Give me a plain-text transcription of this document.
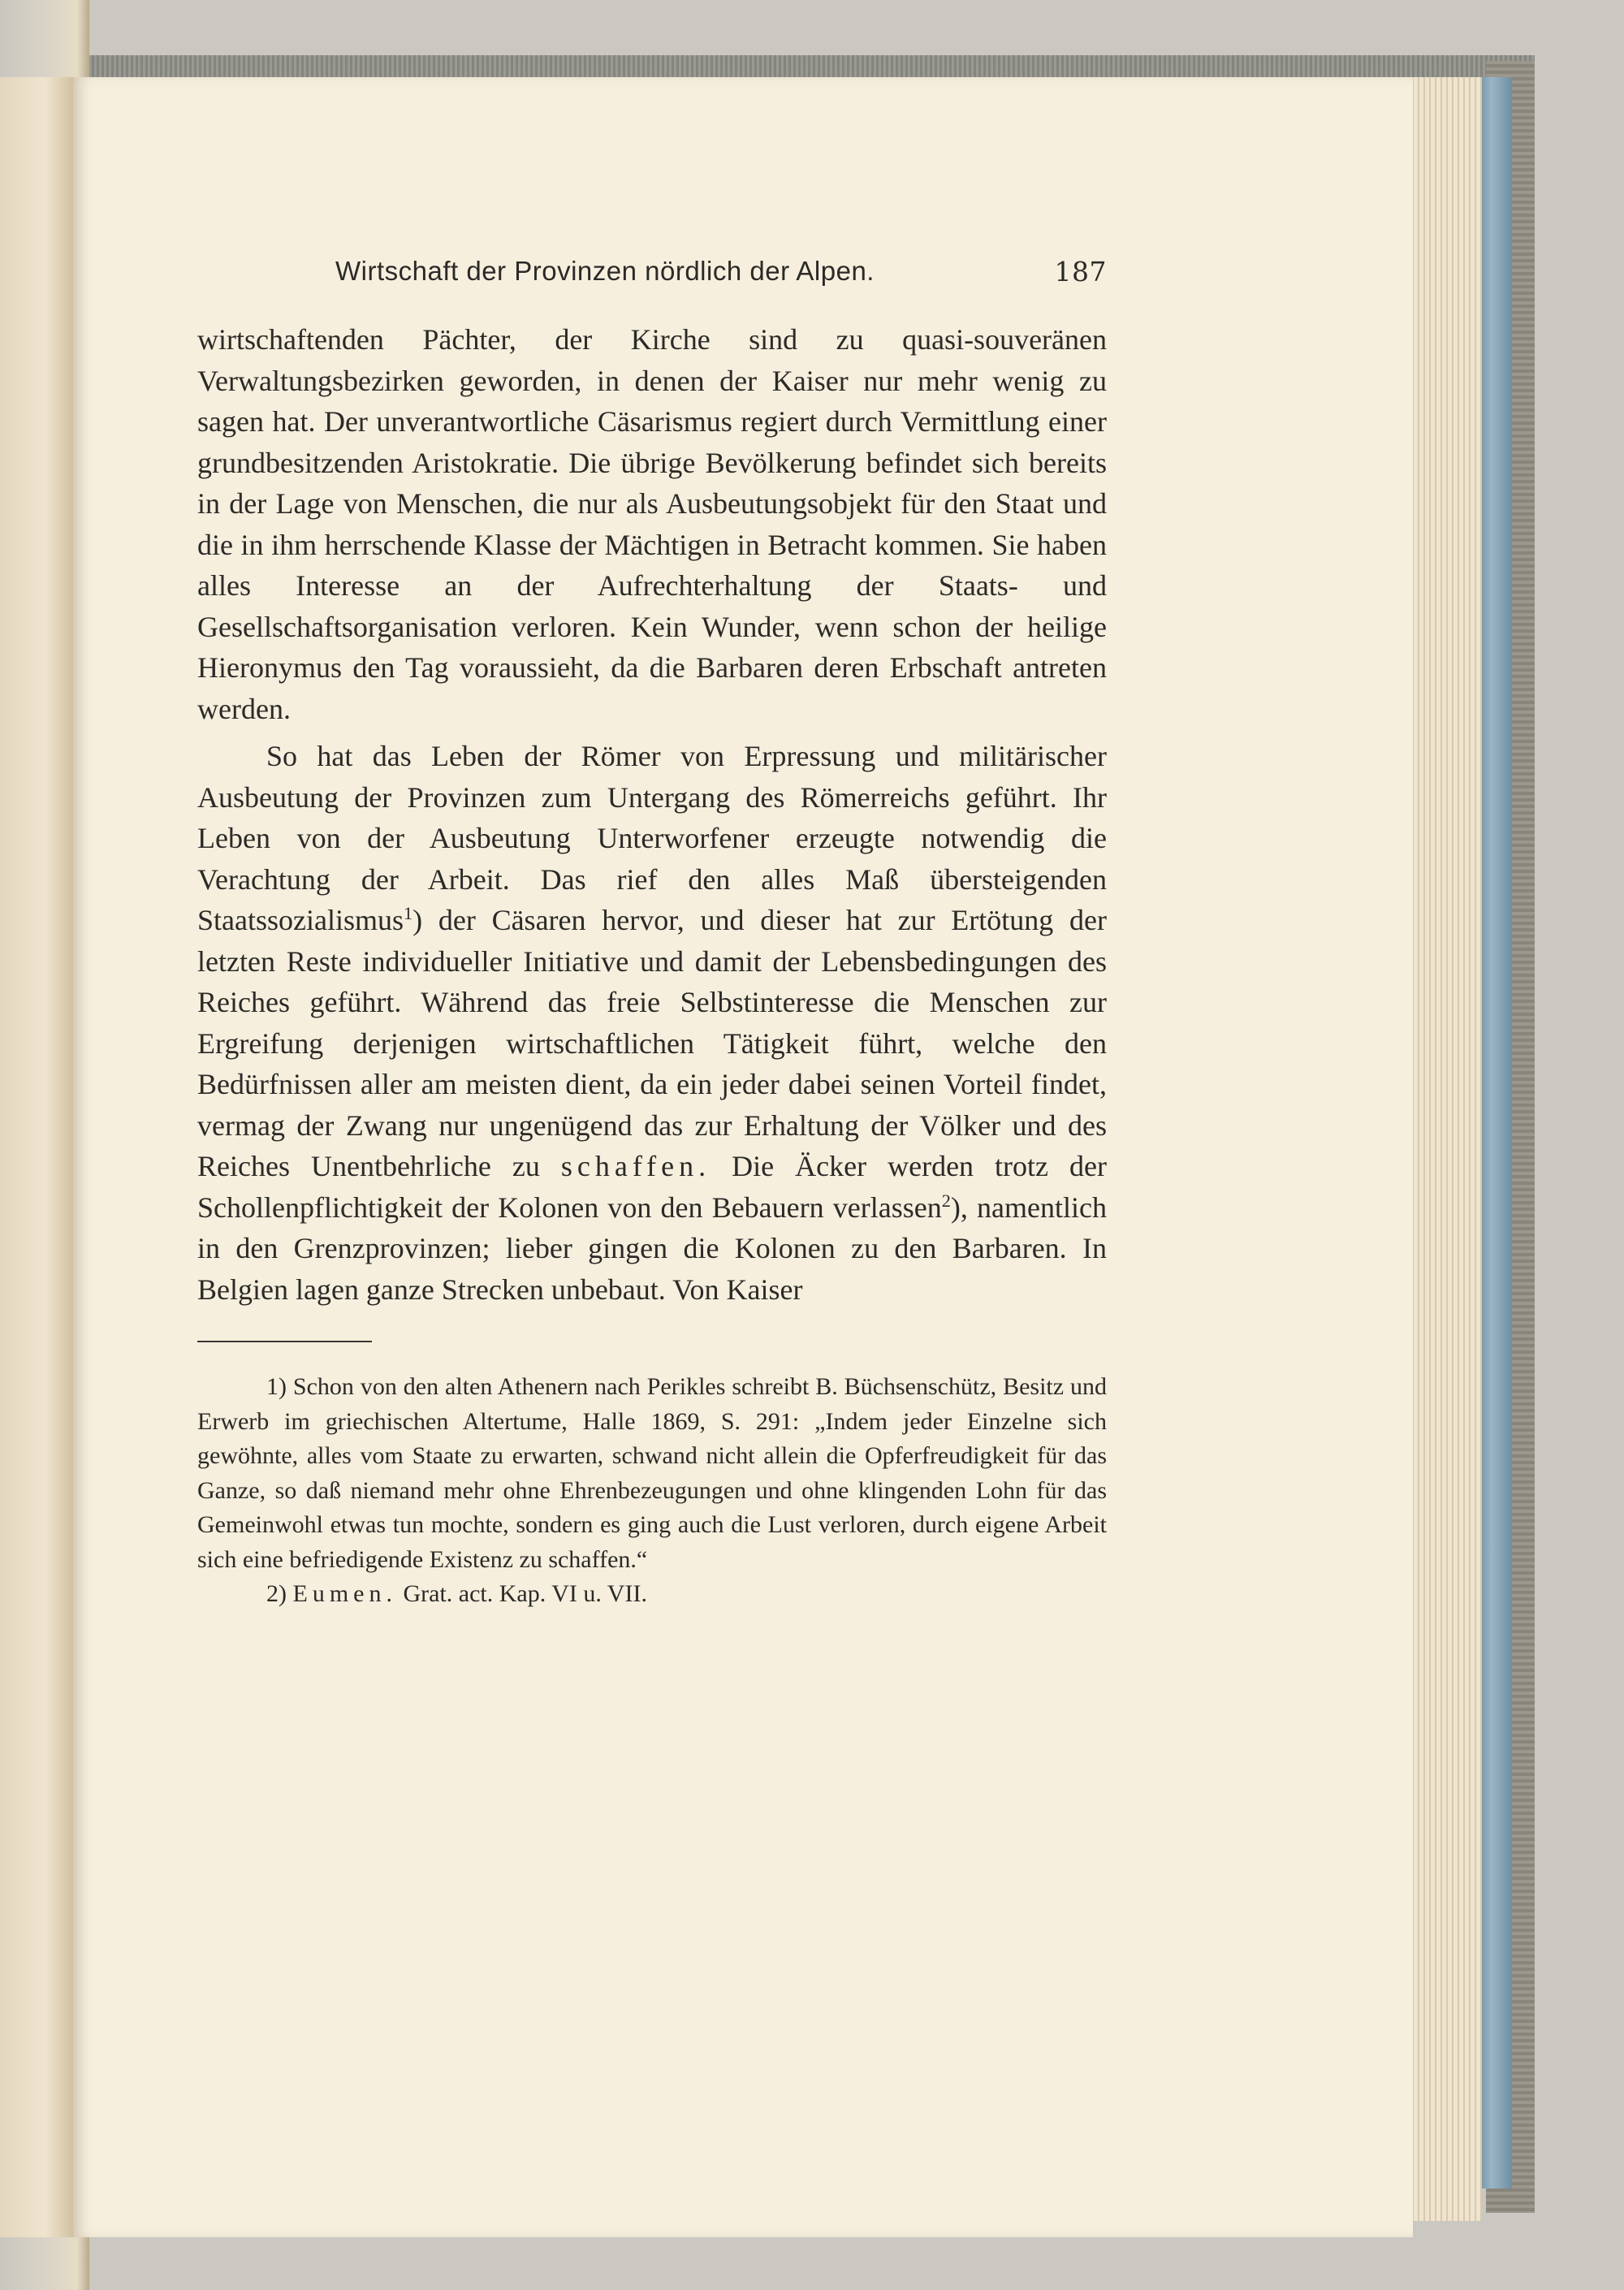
Wirtschaft der Provinzen nördlich der Alpen.	187

wirtschaftenden Pächter, der Kirche sind zu quasi-souveränen Verwaltungsbezirken geworden, in denen der Kaiser nur mehr wenig zu sagen hat. Der unverantwortliche Cäsarismus regiert durch Vermittlung einer grundbesitzenden Aristokratie. Die übrige Bevölkerung befindet sich bereits in der Lage von Menschen, die nur als Ausbeutungsobjekt für den Staat und die in ihm herrschende Klasse der Mächtigen in Betracht kommen. Sie haben alles Interesse an der Aufrechterhaltung der Staats- und Gesellschaftsorganisation verloren. Kein Wunder, wenn schon der heilige Hieronymus den Tag voraussieht, da die Barbaren deren Erbschaft antreten werden.

So hat das Leben der Römer von Erpressung und militärischer Ausbeutung der Provinzen zum Untergang des Römerreichs geführt. Ihr Leben von der Ausbeutung Unterworfener erzeugte notwendig die Verachtung der Arbeit. Das rief den alles Maß übersteigenden Staatssozialismus$^1$) der Cäsaren hervor, und dieser hat zur Ertötung der letzten Reste individueller Initiative und damit der Lebensbedingungen des Reiches geführt. Während das freie Selbstinteresse die Menschen zur Ergreifung derjenigen wirtschaftlichen Tätigkeit führt, welche den Bedürfnissen aller am meisten dient, da ein jeder dabei seinen Vorteil findet, vermag der Zwang nur ungenügend das zur Erhaltung der Völker und des Reiches Unentbehrliche zu schaffen. Die Äcker werden trotz der Schollenpflichtigkeit der Kolonen von den Bebauern verlassen$^2$), namentlich in den Grenzprovinzen; lieber gingen die Kolonen zu den Barbaren. In Belgien lagen ganze Strecken unbebaut. Von Kaiser

1) Schon von den alten Athenern nach Perikles schreibt B. Büchsenschütz, Besitz und Erwerb im griechischen Altertume, Halle 1869, S. 291: „Indem jeder Einzelne sich gewöhnte, alles vom Staate zu erwarten, schwand nicht allein die Opferfreudigkeit für das Ganze, so daß niemand mehr ohne Ehrenbezeugungen und ohne klingenden Lohn für das Gemeinwohl etwas tun mochte, sondern es ging auch die Lust verloren, durch eigene Arbeit sich eine befriedigende Existenz zu schaffen.“

2) Eumen. Grat. act. Kap. VI u. VII.
